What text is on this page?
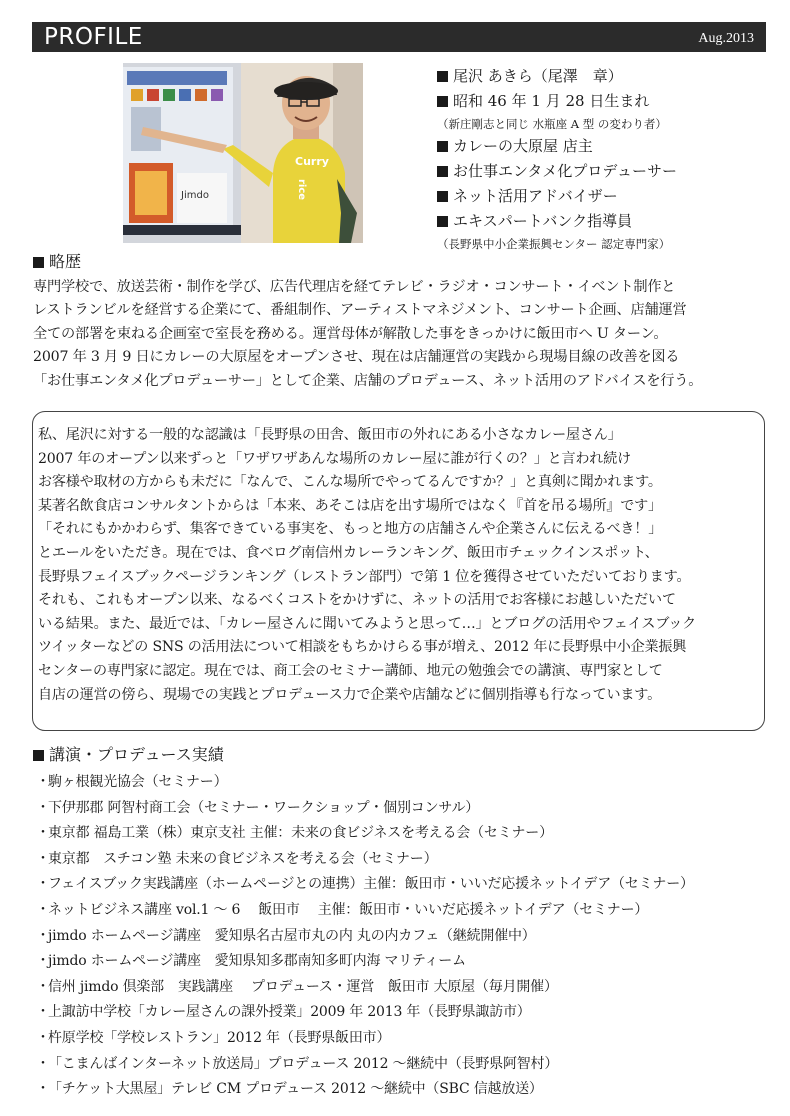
PROFILE	Aug.2013
Jimdo
Curry
rice
尾沢 あきら（尾澤　章）
昭和 46 年 1 月 28 日生まれ
（新庄剛志と同じ 水瓶座 A 型 の変わり者）
カレーの大原屋 店主
お仕事エンタメ化プロデューサー
ネット活用アドバイザー
エキスパートバンク指導員
（長野県中小企業振興センター 認定専門家）
略歴
専門学校で、放送芸術・制作を学び、広告代理店を経てテレビ・ラジオ・コンサート・イベント制作と
レストランビルを経営する企業にて、番組制作、アーティストマネジメント、コンサート企画、店舗運営
全ての部署を束ねる企画室で室長を務める。運営母体が解散した事をきっかけに飯田市へ U ターン。
2007 年 3 月 9 日にカレーの大原屋をオープンさせ、現在は店舗運営の実践から現場目線の改善を図る
「お仕事エンタメ化プロデューサー」として企業、店舗のプロデュース、ネット活用のアドバイスを行う。
私、尾沢に対する一般的な認識は「長野県の田舎、飯田市の外れにある小さなカレー屋さん」
2007 年のオープン以来ずっと「ワザワザあんな場所のカレー屋に誰が行くの？」と言われ続け
お客様や取材の方からも未だに「なんで、こんな場所でやってるんですか？」と真剣に聞かれます。
某著名飲食店コンサルタントからは「本来、あそこは店を出す場所ではなく『首を吊る場所』です」
「それにもかかわらず、集客できている事実を、もっと地方の店舗さんや企業さんに伝えるべき！」
とエールをいただき。現在では、食べログ南信州カレーランキング、飯田市チェックインスポット、
長野県フェイスブックページランキング（レストラン部門）で第 1 位を獲得させていただいております。
それも、これもオープン以来、なるべくコストをかけずに、ネットの活用でお客様にお越しいただいて
いる結果。また、最近では、「カレー屋さんに聞いてみようと思って…」とブログの活用やフェイスブック
ツイッターなどの SNS の活用法について相談をもちかけらる事が増え、2012 年に長野県中小企業振興
センターの専門家に認定。現在では、商工会のセミナー講師、地元の勉強会での講演、専門家として
自店の運営の傍ら、現場での実践とプロデュース力で企業や店舗などに個別指導も行なっています。
講演・プロデュース実績
・駒ヶ根観光協会（セミナー）
・下伊那郡 阿智村商工会（セミナー・ワークショップ・個別コンサル）
・東京都 福島工業（株）東京支社 主催：未来の食ビジネスを考える会（セミナー）
・東京都　スチコン塾 未来の食ビジネスを考える会（セミナー）
・フェイスブック実践講座（ホームページとの連携）主催：飯田市・いいだ応援ネットイデア（セミナー）
・ネットビジネス講座 vol.1 〜 6　 飯田市　 主催：飯田市・いいだ応援ネットイデア（セミナー）
・jimdo ホームページ講座　愛知県名古屋市丸の内 丸の内カフェ（継続開催中）
・jimdo ホームページ講座　愛知県知多郡南知多町内海 マリティーム
・信州 jimdo 倶楽部　実践講座　 プロデュース・運営　飯田市 大原屋（毎月開催）
・上諏訪中学校「カレー屋さんの課外授業」2009 年 2013 年（長野県諏訪市）
・杵原学校「学校レストラン」2012 年（長野県飯田市）
・「こまんばインターネット放送局」プロデュース 2012 〜継続中（長野県阿智村）
・「チケット大黒屋」テレビ CM プロデュース 2012 〜継続中（SBC 信越放送）
